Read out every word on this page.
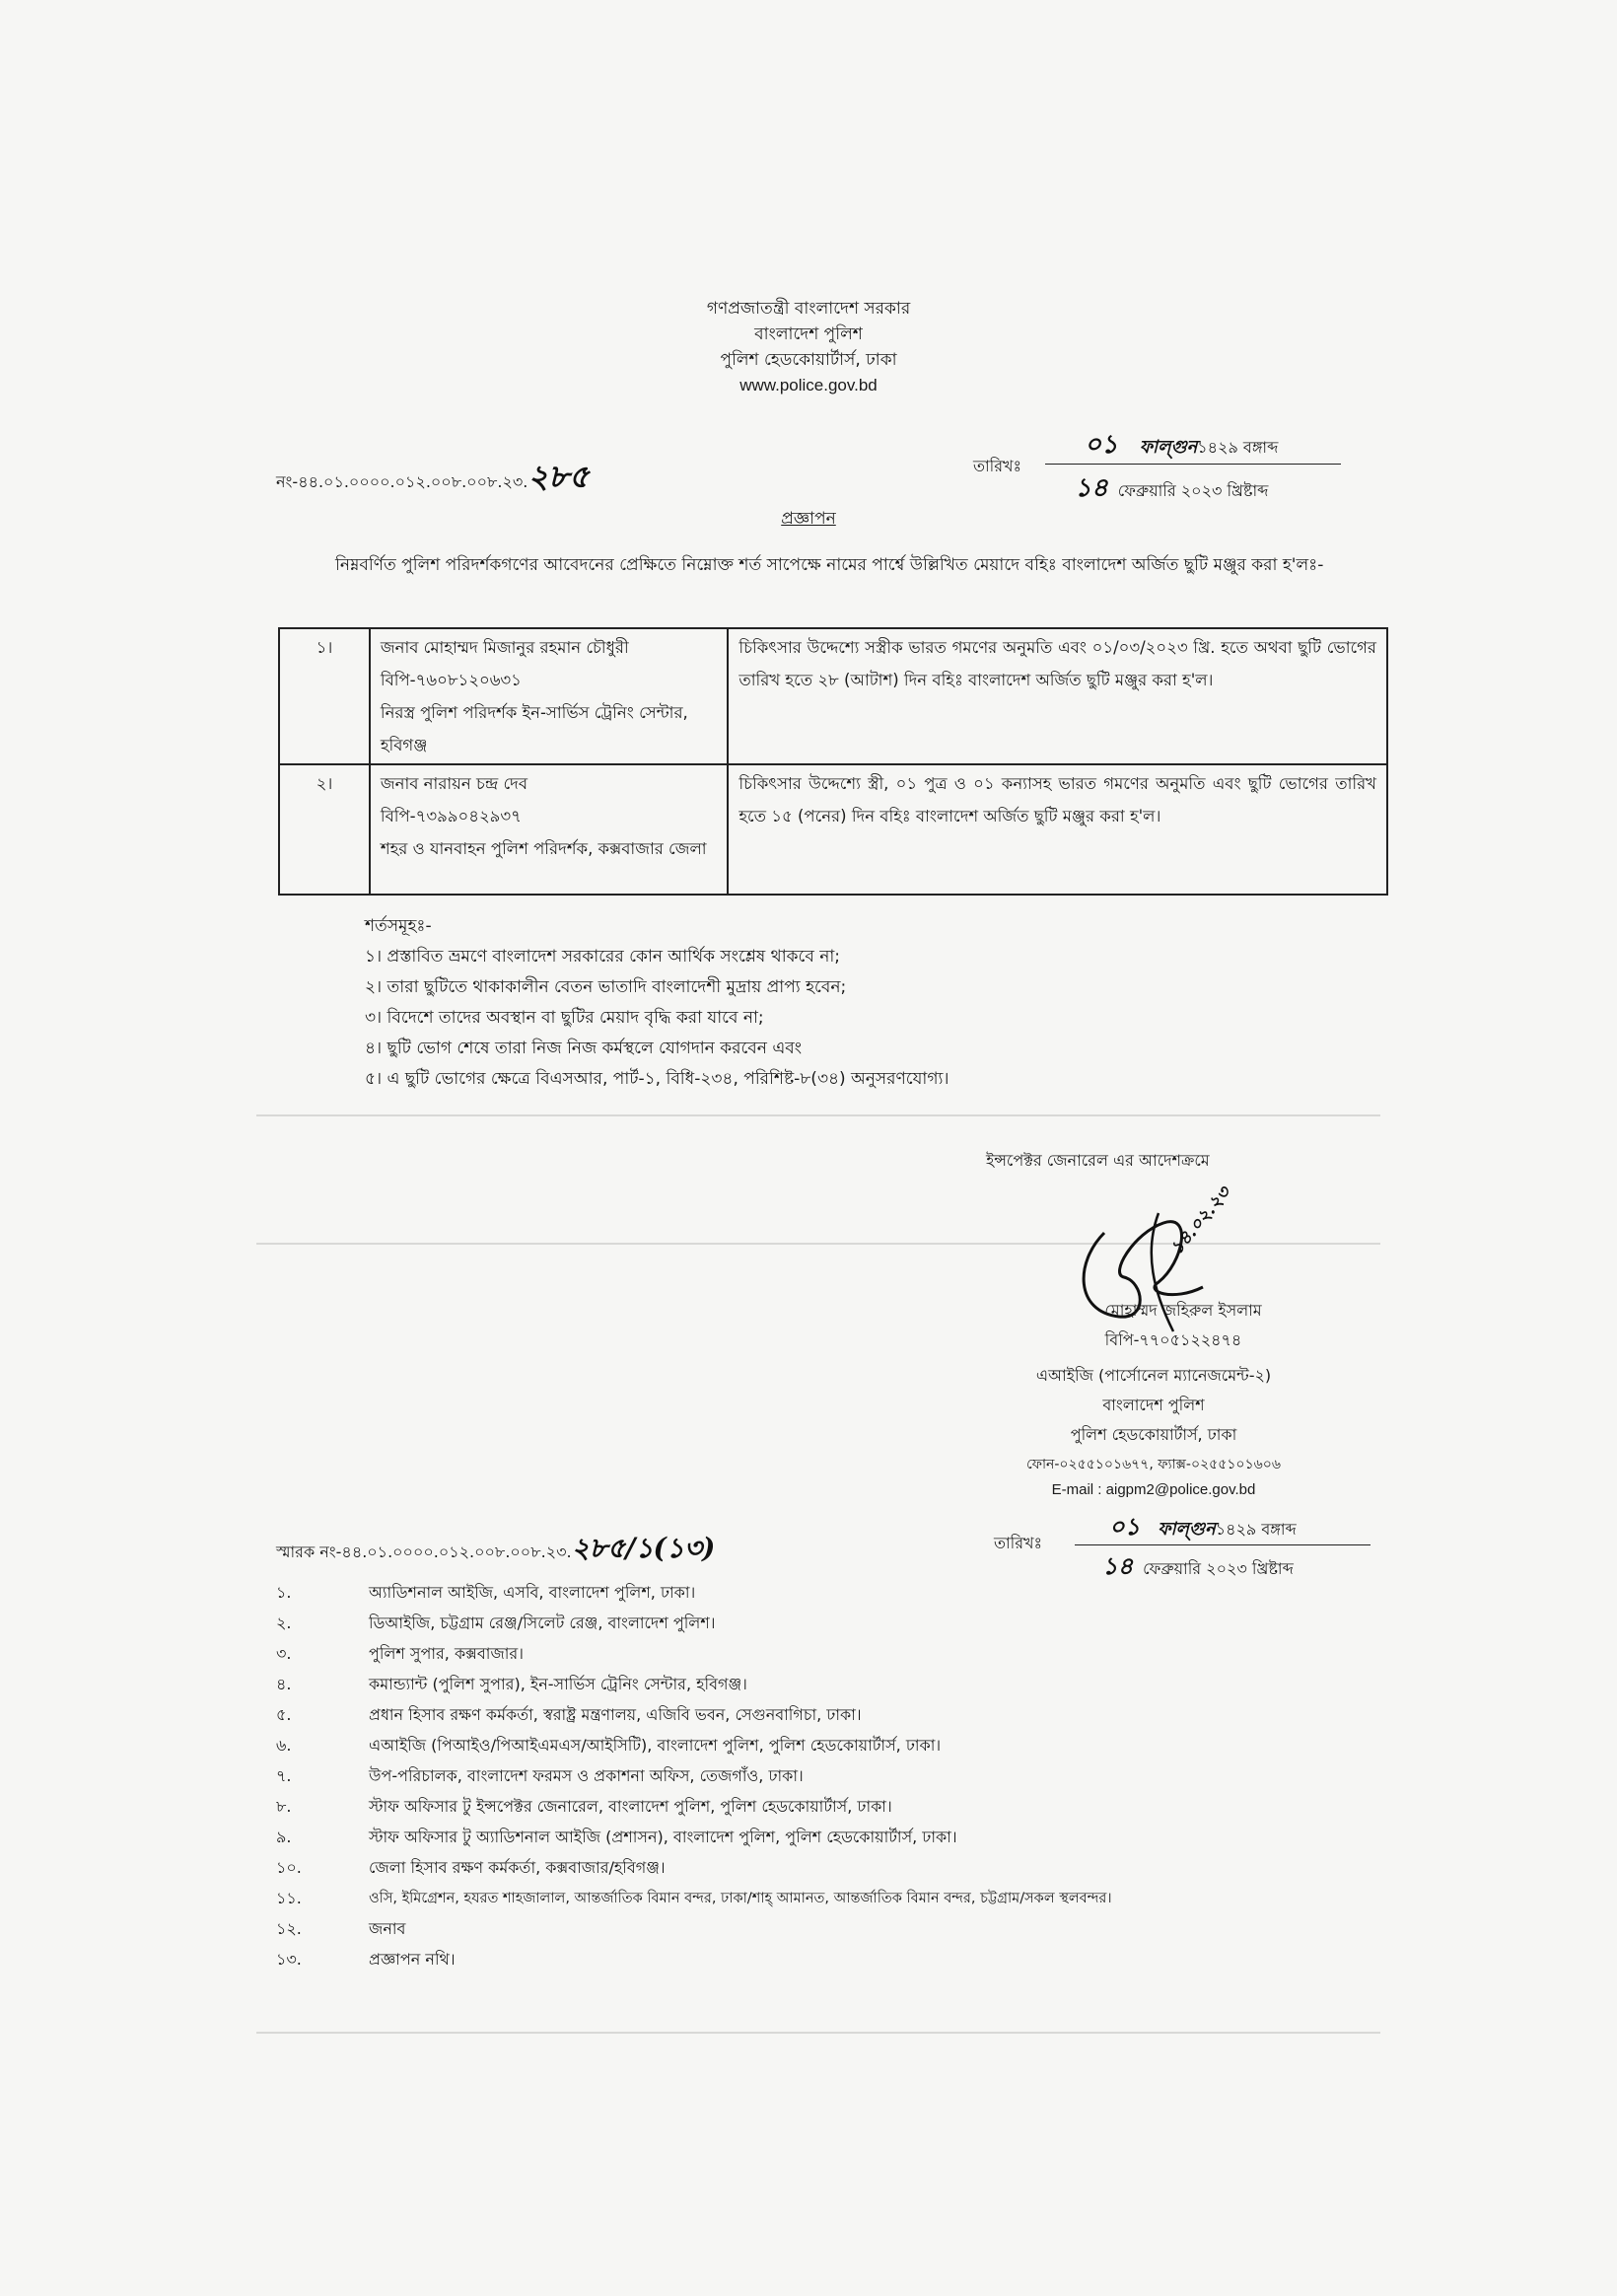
গণপ্রজাতন্ত্রী বাংলাদেশ সরকার
বাংলাদেশ পুলিশ
পুলিশ হেডকোয়ার্টার্স, ঢাকা
www.police.gov.bd
নং-৪৪.০১.০০০০.০১২.০০৮.০০৮.২৩.২৮৫	তারিখঃ
০১ ফাল্গুন১৪২৯ বঙ্গাব্দ
১৪ ফেব্রুয়ারি ২০২৩ খ্রিষ্টাব্দ
প্রজ্ঞাপন
নিম্নবর্ণিত পুলিশ পরিদর্শকগণের আবেদনের প্রেক্ষিতে নিম্নোক্ত শর্ত সাপেক্ষে নামের পার্শ্বে উল্লিখিত মেয়াদে বহিঃ বাংলাদেশ অর্জিত ছুটি মঞ্জুর করা হ'লঃ-
১।	জনাব মোহাম্মদ মিজানুর রহমান চৌধুরী
বিপি-৭৬০৮১২০৬৩১
নিরস্ত্র পুলিশ পরিদর্শক ইন-সার্ভিস ট্রেনিং সেন্টার, হবিগঞ্জ	চিকিৎসার উদ্দেশ্যে সস্ত্রীক ভারত গমণের অনুমতি এবং ০১/০৩/২০২৩ খ্রি. হতে অথবা ছুটি ভোগের তারিখ হতে ২৮ (আটাশ) দিন বহিঃ বাংলাদেশ অর্জিত ছুটি মঞ্জুর করা হ'ল।
২।	জনাব নারায়ন চন্দ্র দেব
বিপি-৭৩৯৯০৪২৯৩৭
শহর ও যানবাহন পুলিশ পরিদর্শক, কক্সবাজার জেলা	চিকিৎসার উদ্দেশ্যে স্ত্রী, ০১ পুত্র ও ০১ কন্যাসহ ভারত গমণের অনুমতি এবং ছুটি ভোগের তারিখ হতে ১৫ (পনের) দিন বহিঃ বাংলাদেশ অর্জিত ছুটি মঞ্জুর করা হ'ল।

শর্তসমূহঃ-

১। প্রস্তাবিত ভ্রমণে বাংলাদেশ সরকারের কোন আর্থিক সংশ্লেষ থাকবে না;

২। তারা ছুটিতে থাকাকালীন বেতন ভাতাদি বাংলাদেশী মুদ্রায় প্রাপ্য হবেন;

৩। বিদেশে তাদের অবস্থান বা ছুটির মেয়াদ বৃদ্ধি করা যাবে না;

৪। ছুটি ভোগ শেষে তারা নিজ নিজ কর্মস্থলে যোগদান করবেন এবং

৫। এ ছুটি ভোগের ক্ষেত্রে বিএসআর, পার্ট-১, বিধি-২৩৪, পরিশিষ্ট-৮(৩৪) অনুসরণযোগ্য।

ইন্সপেক্টর জেনারেল এর আদেশক্রমে
১৪.০২.২৩
মোহাম্মদ জহিরুল ইসলাম
বিপি-৭৭০৫১২২৪৭৪
এআইজি (পার্সোনেল ম্যানেজমেন্ট-২)
বাংলাদেশ পুলিশ
পুলিশ হেডকোয়ার্টার্স, ঢাকা
ফোন-০২৫৫১০১৬৭৭, ফ্যাক্স-০২৫৫১০১৬০৬
E-mail : aigpm2@police.gov.bd
স্মারক নং-৪৪.০১.০০০০.০১২.০০৮.০০৮.২৩.২৮৫/১(১৩)	তারিখঃ
০১ ফাল্গুন১৪২৯ বঙ্গাব্দ
১৪ ফেব্রুয়ারি ২০২৩ খ্রিষ্টাব্দ
১.	অ্যাডিশনাল আইজি, এসবি, বাংলাদেশ পুলিশ, ঢাকা।
২.	ডিআইজি, চট্টগ্রাম রেঞ্জ/সিলেট রেঞ্জ, বাংলাদেশ পুলিশ।
৩.	পুলিশ সুপার, কক্সবাজার।
৪.	কমান্ড্যান্ট (পুলিশ সুপার), ইন-সার্ভিস ট্রেনিং সেন্টার, হবিগঞ্জ।
৫.	প্রধান হিসাব রক্ষণ কর্মকর্তা, স্বরাষ্ট্র মন্ত্রণালয়, এজিবি ভবন, সেগুনবাগিচা, ঢাকা।
৬.	এআইজি (পিআইও/পিআইএমএস/আইসিটি), বাংলাদেশ পুলিশ, পুলিশ হেডকোয়ার্টার্স, ঢাকা।
৭.	উপ-পরিচালক, বাংলাদেশ ফরমস ও প্রকাশনা অফিস, তেজগাঁও, ঢাকা।
৮.	স্টাফ অফিসার টু ইন্সপেক্টর জেনারেল, বাংলাদেশ পুলিশ, পুলিশ হেডকোয়ার্টার্স, ঢাকা।
৯.	স্টাফ অফিসার টু অ্যাডিশনাল আইজি (প্রশাসন), বাংলাদেশ পুলিশ, পুলিশ হেডকোয়ার্টার্স, ঢাকা।
১০.	জেলা হিসাব রক্ষণ কর্মকর্তা, কক্সবাজার/হবিগঞ্জ।
১১.	ওসি, ইমিগ্রেশন, হযরত শাহজালাল, আন্তর্জাতিক বিমান বন্দর, ঢাকা/শাহ্ আমানত, আন্তর্জাতিক বিমান বন্দর, চট্টগ্রাম/সকল স্থলবন্দর।
১২.	জনাব
১৩.	প্রজ্ঞাপন নথি।
